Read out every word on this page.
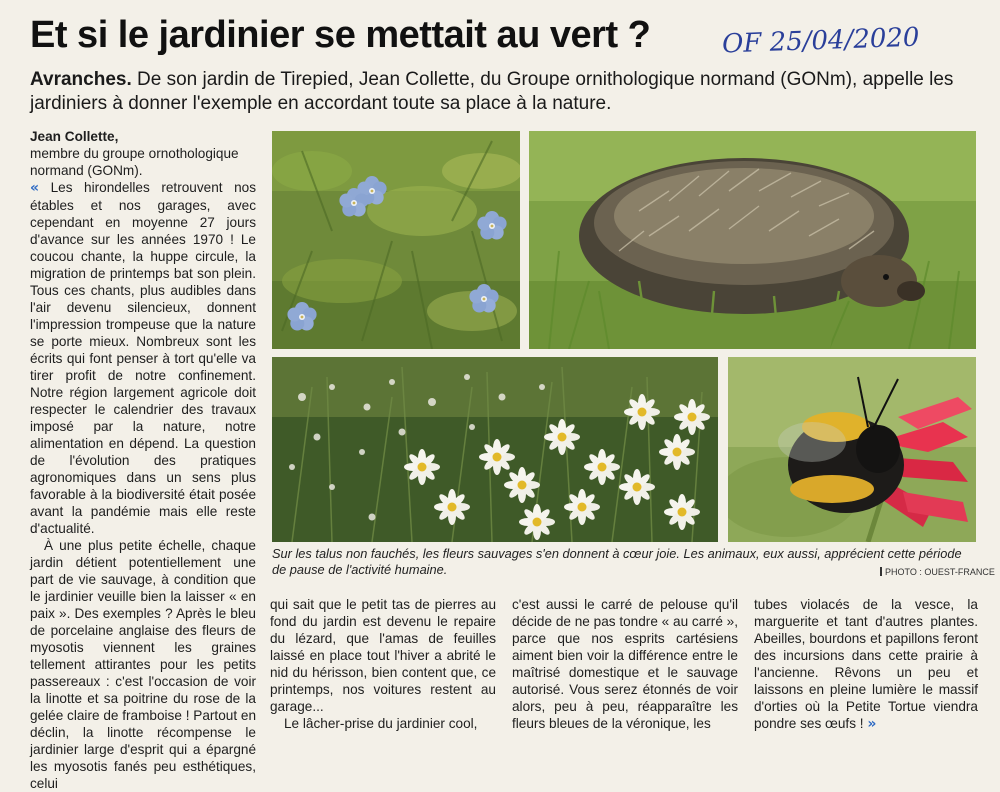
Et si le jardinier se mettait au vert ?	OF 25/04/2020
Avranches. De son jardin de Tirepied, Jean Collette, du Groupe ornithologique normand (GONm), appelle les jardiniers à donner l'exemple en accordant toute sa place à la nature.

Jean Collette,

membre du groupe ornothologique normand (GONm).

« Les hirondelles retrouvent nos étables et nos garages, avec cependant en moyenne 27 jours d'avance sur les années 1970 ! Le coucou chante, la huppe circule, la migration de printemps bat son plein. Tous ces chants, plus audibles dans l'air devenu silencieux, donnent l'impression trompeuse que la nature se porte mieux. Nombreux sont les écrits qui font penser à tort qu'elle va tirer profit de notre confinement. Notre région largement agricole doit respecter le calendrier des travaux imposé par la nature, notre alimentation en dépend. La question de l'évolution des pratiques agronomiques dans un sens plus favorable à la biodiversité était posée avant la pandémie mais elle reste d'actualité.

À une plus petite échelle, chaque jardin détient potentiellement une part de vie sauvage, à condition que le jardinier veuille bien la laisser « en paix ». Des exemples ? Après le bleu de porcelaine anglaise des fleurs de myosotis viennent les graines tellement attirantes pour les petits passereaux : c'est l'occasion de voir la linotte et sa poitrine du rose de la gelée claire de framboise ! Partout en déclin, la linotte récompense le jardinier large d'esprit qui a épargné les myosotis fanés peu esthétiques, celui

Sur les talus non fauchés, les fleurs sauvages s'en donnent à cœur joie. Les animaux, eux aussi, apprécient cette période de pause de l'activité humaine.	PHOTO : OUEST-FRANCE

qui sait que le petit tas de pierres au fond du jardin est devenu le repaire du lézard, que l'amas de feuilles laissé en place tout l'hiver a abrité le nid du hérisson, bien content que, ce printemps, nos voitures restent au garage...

Le lâcher-prise du jardinier cool,

c'est aussi le carré de pelouse qu'il décide de ne pas tondre « au carré », parce que nos esprits cartésiens aiment bien voir la différence entre le maîtrisé domestique et le sauvage autorisé. Vous serez étonnés de voir alors, peu à peu, réapparaître les fleurs bleues de la véronique, les

tubes violacés de la vesce, la marguerite et tant d'autres plantes. Abeilles, bourdons et papillons feront des incursions dans cette prairie à l'ancienne. Rêvons un peu et laissons en pleine lumière le massif d'orties où la Petite Tortue viendra pondre ses œufs ! »
